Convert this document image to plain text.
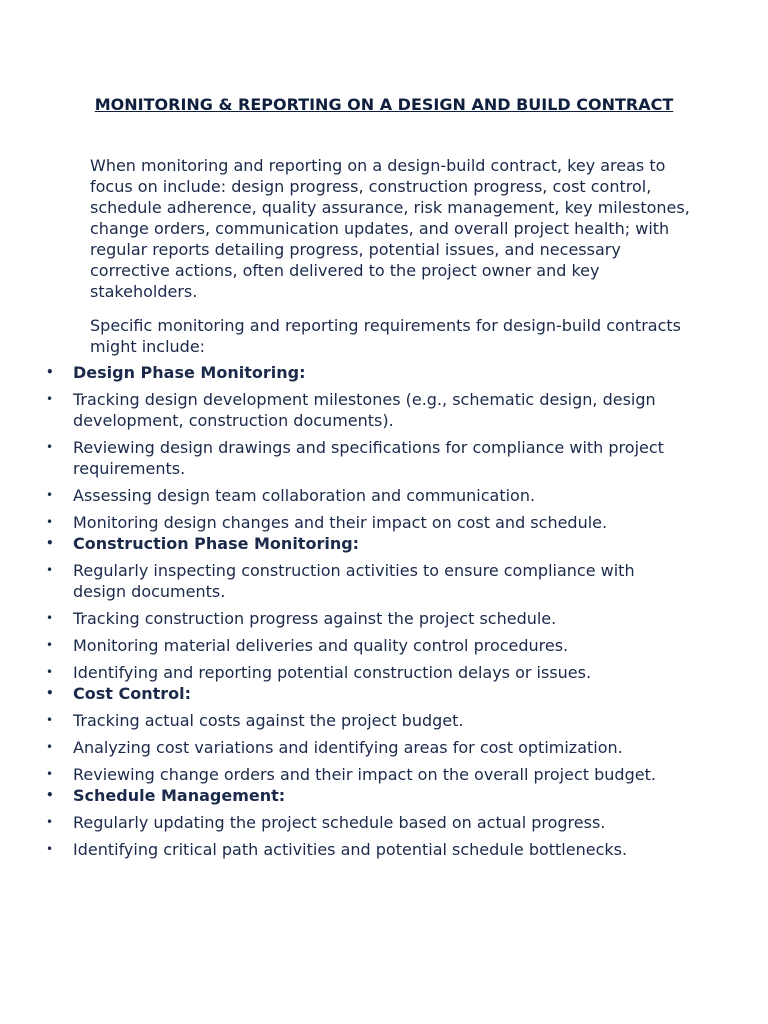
MONITORING & REPORTING ON A DESIGN AND BUILD CONTRACT

When monitoring and reporting on a design-build contract, key areas to focus on include: design progress, construction progress, cost control, schedule adherence, quality assurance, risk management, key milestones, change orders, communication updates, and overall project health; with regular reports detailing progress, potential issues, and necessary corrective actions, often delivered to the project owner and key stakeholders.

Specific monitoring and reporting requirements for design-build contracts might include:

• Design Phase Monitoring:
• Tracking design development milestones (e.g., schematic design, design development, construction documents).
• Reviewing design drawings and specifications for compliance with project requirements.
• Assessing design team collaboration and communication.
• Monitoring design changes and their impact on cost and schedule.
• Construction Phase Monitoring:
• Regularly inspecting construction activities to ensure compliance with design documents.
• Tracking construction progress against the project schedule.
• Monitoring material deliveries and quality control procedures.
• Identifying and reporting potential construction delays or issues.
• Cost Control:
• Tracking actual costs against the project budget.
• Analyzing cost variations and identifying areas for cost optimization.
• Reviewing change orders and their impact on the overall project budget.
• Schedule Management:
• Regularly updating the project schedule based on actual progress.
• Identifying critical path activities and potential schedule bottlenecks.
